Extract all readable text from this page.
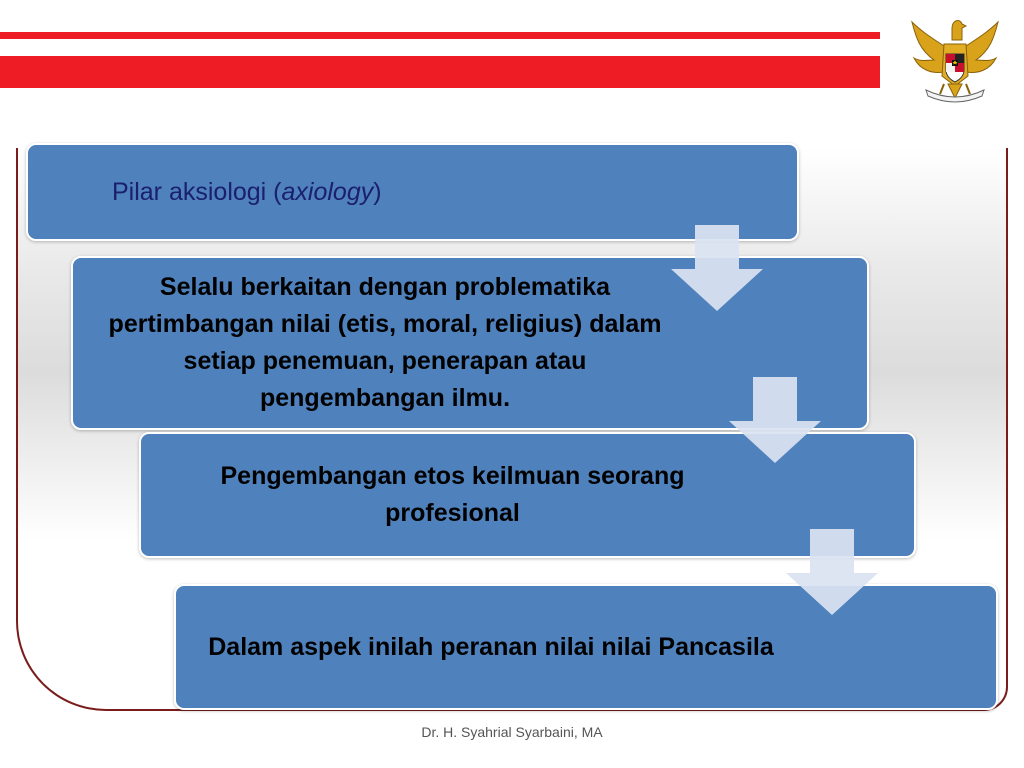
Pilar aksiologi (axiology)
Selalu berkaitan dengan problematika pertimbangan nilai (etis, moral, religius) dalam setiap penemuan, penerapan atau pengembangan ilmu.
Pengembangan etos keilmuan seorang profesional
Dalam aspek inilah peranan nilai nilai Pancasila
Dr. H. Syahrial Syarbaini, MA
